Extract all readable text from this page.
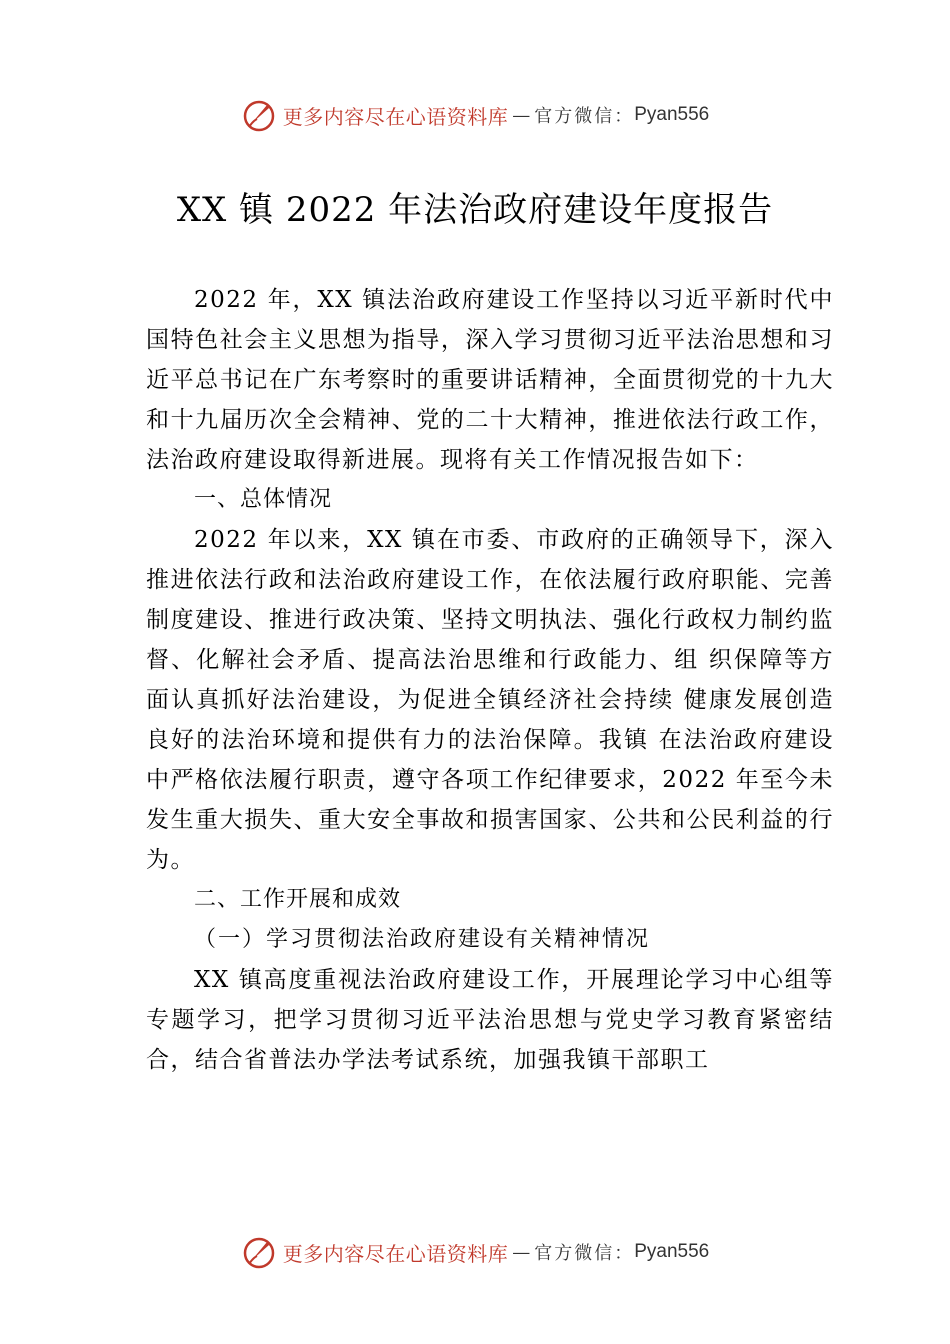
更多内容尽在心语资料库 — 官方微信： Pyan556
XX 镇 2022 年法治政府建设年度报告

2022 年，XX 镇法治政府建设工作坚持以习近平新时代中国特色社会主义思想为指导，深入学习贯彻习近平法治思想和习近平总书记在广东考察时的重要讲话精神，全面贯彻党的十九大和十九届历次全会精神、党的二十大精神，推进依法行政工作，法治政府建设取得新进展。现将有关工作情况报告如下：

一、总体情况

2022 年以来，XX 镇在市委、市政府的正确领导下，深入推进依法行政和法治政府建设工作，在依法履行政府职能、完善制度建设、推进行政决策、坚持文明执法、强化行政权力制约监督、化解社会矛盾、提高法治思维和行政能力、组 织保障等方面认真抓好法治建设，为促进全镇经济社会持续 健康发展创造良好的法治环境和提供有力的法治保障。我镇 在法治政府建设中严格依法履行职责，遵守各项工作纪律要求，2022 年至今未发生重大损失、重大安全事故和损害国家、公共和公民利益的行为。

二、工作开展和成效

（一）学习贯彻法治政府建设有关精神情况

XX 镇高度重视法治政府建设工作，开展理论学习中心组等专题学习，把学习贯彻习近平法治思想与党史学习教育紧密结合，结合省普法办学法考试系统，加强我镇干部职工

更多内容尽在心语资料库 — 官方微信： Pyan556
